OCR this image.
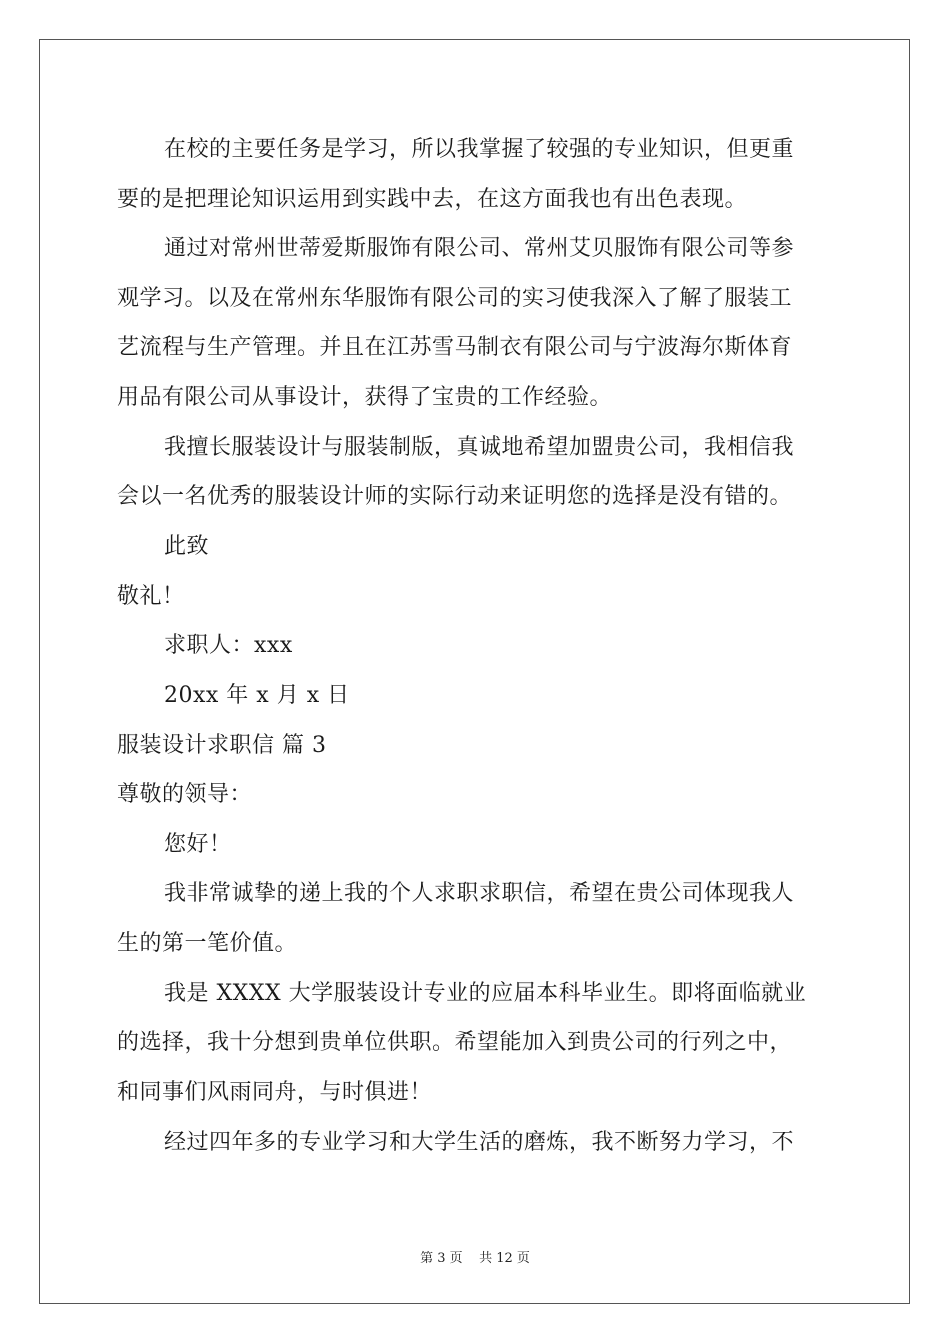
在校的主要任务是学习，所以我掌握了较强的专业知识，但更重
要的是把理论知识运用到实践中去，在这方面我也有出色表现。
通过对常州世蒂爱斯服饰有限公司、常州艾贝服饰有限公司等参
观学习。以及在常州东华服饰有限公司的实习使我深入了解了服装工
艺流程与生产管理。并且在江苏雪马制衣有限公司与宁波海尔斯体育
用品有限公司从事设计，获得了宝贵的工作经验。
我擅长服装设计与服装制版，真诚地希望加盟贵公司，我相信我
会以一名优秀的服装设计师的实际行动来证明您的选择是没有错的。
此致
敬礼！
求职人：xxx
20xx 年 x 月 x 日
服装设计求职信 篇 3
尊敬的领导：
您好！
我非常诚挚的递上我的个人求职求职信，希望在贵公司体现我人
生的第一笔价值。
我是 XXXX 大学服装设计专业的应届本科毕业生。即将面临就业
的选择，我十分想到贵单位供职。希望能加入到贵公司的行列之中，
和同事们风雨同舟，与时俱进！
经过四年多的专业学习和大学生活的磨炼，我不断努力学习，不
第 3 页    共 12 页
